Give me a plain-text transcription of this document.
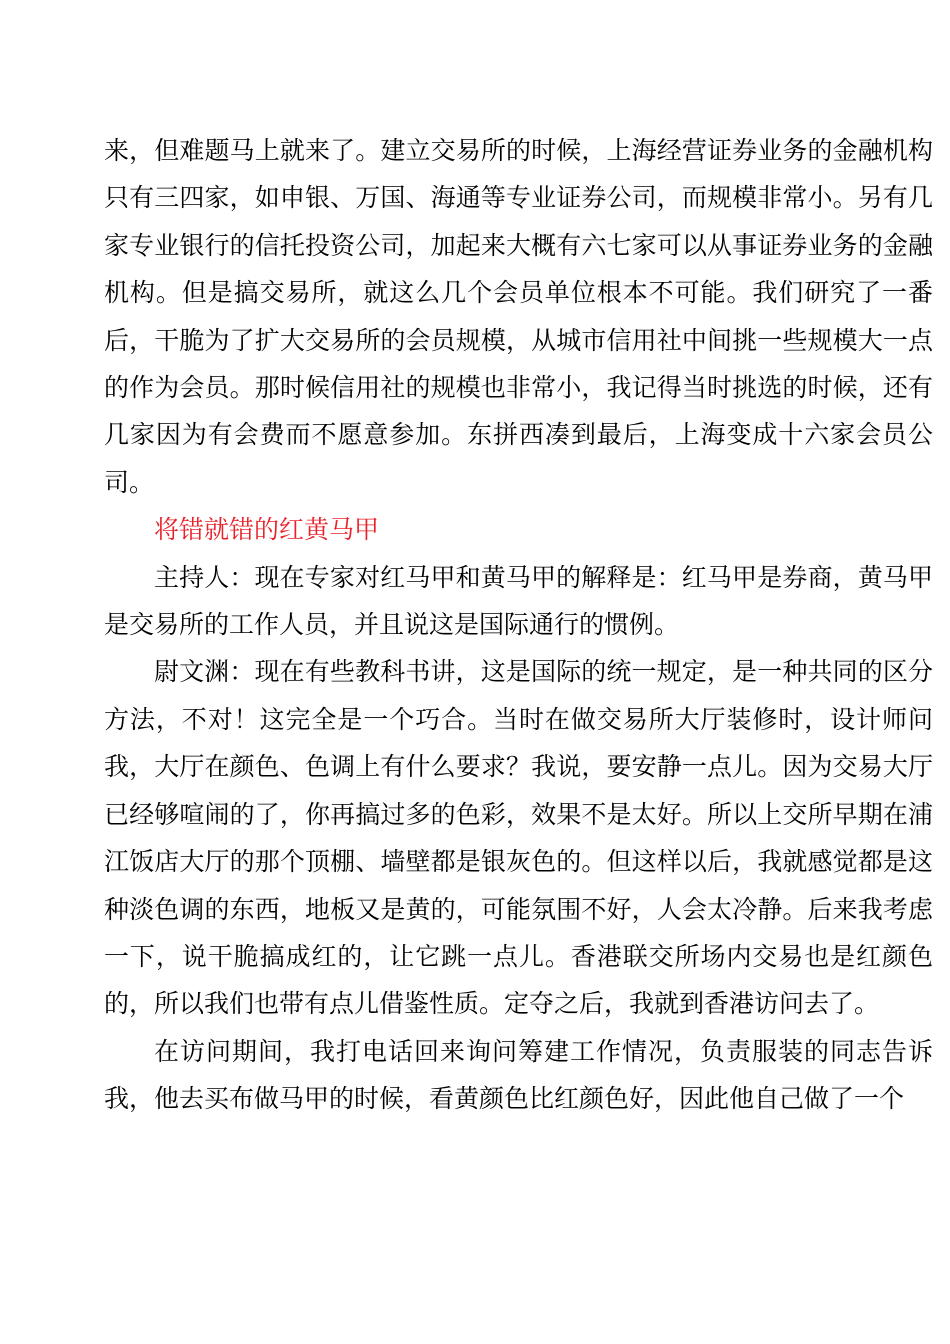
来，但难题马上就来了。建立交易所的时候，上海经营证券业务的金融机构只有三四家，如申银、万国、海通等专业证券公司，而规模非常小。另有几家专业银行的信托投资公司，加起来大概有六七家可以从事证券业务的金融机构。但是搞交易所，就这么几个会员单位根本不可能。我们研究了一番后，干脆为了扩大交易所的会员规模，从城市信用社中间挑一些规模大一点的作为会员。那时候信用社的规模也非常小，我记得当时挑选的时候，还有几家因为有会费而不愿意参加。东拼西凑到最后，上海变成十六家会员公司。

将错就错的红黄马甲

主持人：现在专家对红马甲和黄马甲的解释是：红马甲是券商，黄马甲是交易所的工作人员，并且说这是国际通行的惯例。

尉文渊：现在有些教科书讲，这是国际的统一规定，是一种共同的区分方法，不对！这完全是一个巧合。当时在做交易所大厅装修时，设计师问我，大厅在颜色、色调上有什么要求？我说，要安静一点儿。因为交易大厅已经够喧闹的了，你再搞过多的色彩，效果不是太好。所以上交所早期在浦江饭店大厅的那个顶棚、墙壁都是银灰色的。但这样以后，我就感觉都是这种淡色调的东西，地板又是黄的，可能氛围不好，人会太冷静。后来我考虑一下，说干脆搞成红的，让它跳一点儿。香港联交所场内交易也是红颜色的，所以我们也带有点儿借鉴性质。定夺之后，我就到香港访问去了。

在访问期间，我打电话回来询问筹建工作情况，负责服装的同志告诉我，他去买布做马甲的时候，看黄颜色比红颜色好，因此他自己做了一个
